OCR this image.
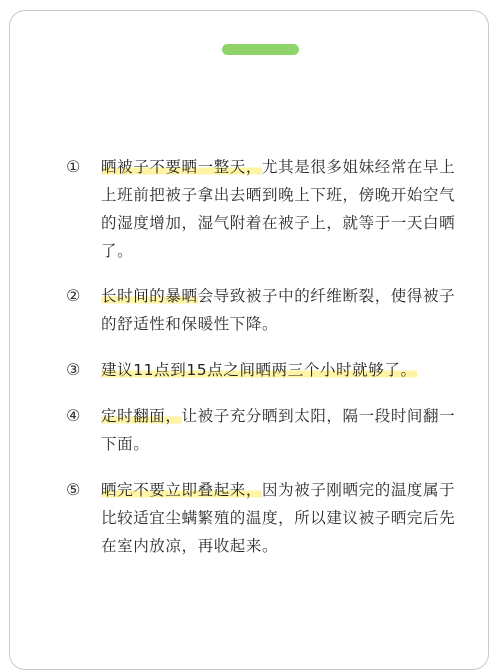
①	晒被子不要晒一整天，尤其是很多姐妹经常在早上上班前把被子拿出去晒到晚上下班，傍晚开始空气的湿度增加，湿气附着在被子上，就等于一天白晒了。
②	长时间的暴晒会导致被子中的纤维断裂，使得被子的舒适性和保暖性下降。
③	建议11点到15点之间晒两三个小时就够了。
④	定时翻面，让被子充分晒到太阳，隔一段时间翻一下面。
⑤	晒完不要立即叠起来，因为被子刚晒完的温度属于比较适宜尘螨繁殖的温度，所以建议被子晒完后先在室内放凉，再收起来。
